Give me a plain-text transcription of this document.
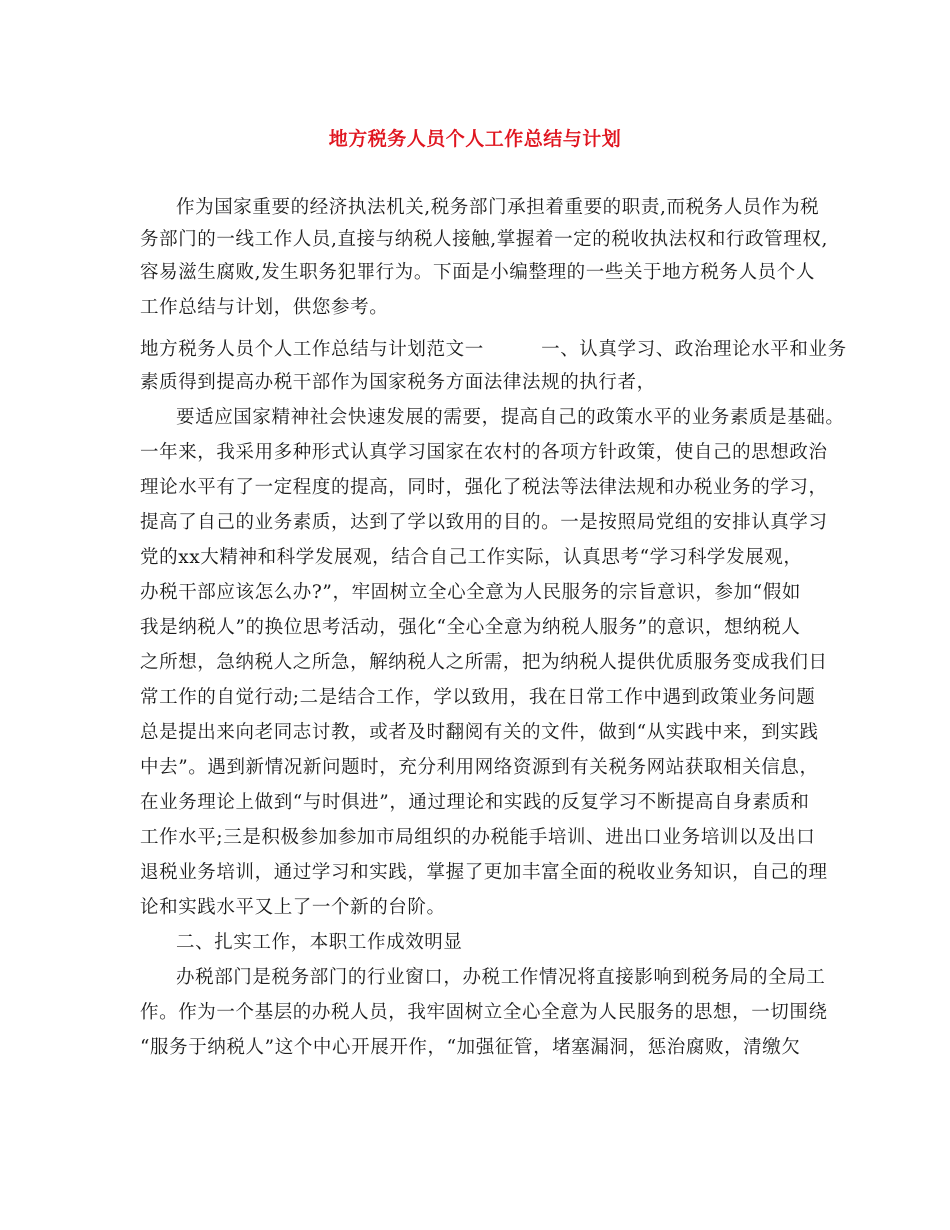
地方税务人员个人工作总结与计划
作为国家重要的经济执法机关,税务部门承担着重要的职责,而税务人员作为税
务部门的一线工作人员,直接与纳税人接触,掌握着一定的税收执法权和行政管理权,
容易滋生腐败,发生职务犯罪行为。下面是小编整理的一些关于地方税务人员个人
工作总结与计划，供您参考。
地方税务人员个人工作总结与计划范文一　　　一、认真学习、政治理论水平和业务
素质得到提高办税干部作为国家税务方面法律法规的执行者，
要适应国家精神社会快速发展的需要，提高自己的政策水平的业务素质是基础。
一年来，我采用多种形式认真学习国家在农村的各项方针政策，使自己的思想政治
理论水平有了一定程度的提高，同时，强化了税法等法律法规和办税业务的学习，
提高了自己的业务素质，达到了学以致用的目的。一是按照局党组的安排认真学习
党的xx大精神和科学发展观，结合自己工作实际，认真思考“学习科学发展观，
办税干部应该怎么办?”，牢固树立全心全意为人民服务的宗旨意识，参加“假如
我是纳税人”的换位思考活动，强化“全心全意为纳税人服务”的意识，想纳税人
之所想，急纳税人之所急，解纳税人之所需，把为纳税人提供优质服务变成我们日
常工作的自觉行动;二是结合工作，学以致用，我在日常工作中遇到政策业务问题
总是提出来向老同志讨教，或者及时翻阅有关的文件，做到“从实践中来，到实践
中去”。遇到新情况新问题时，充分利用网络资源到有关税务网站获取相关信息，
在业务理论上做到“与时俱进”，通过理论和实践的反复学习不断提高自身素质和
工作水平;三是积极参加参加市局组织的办税能手培训、进出口业务培训以及出口
退税业务培训，通过学习和实践，掌握了更加丰富全面的税收业务知识，自己的理
论和实践水平又上了一个新的台阶。
二、扎实工作，本职工作成效明显
办税部门是税务部门的行业窗口，办税工作情况将直接影响到税务局的全局工
作。作为一个基层的办税人员，我牢固树立全心全意为人民服务的思想，一切围绕
“服务于纳税人”这个中心开展开作，“加强征管，堵塞漏洞，惩治腐败，清缴欠
